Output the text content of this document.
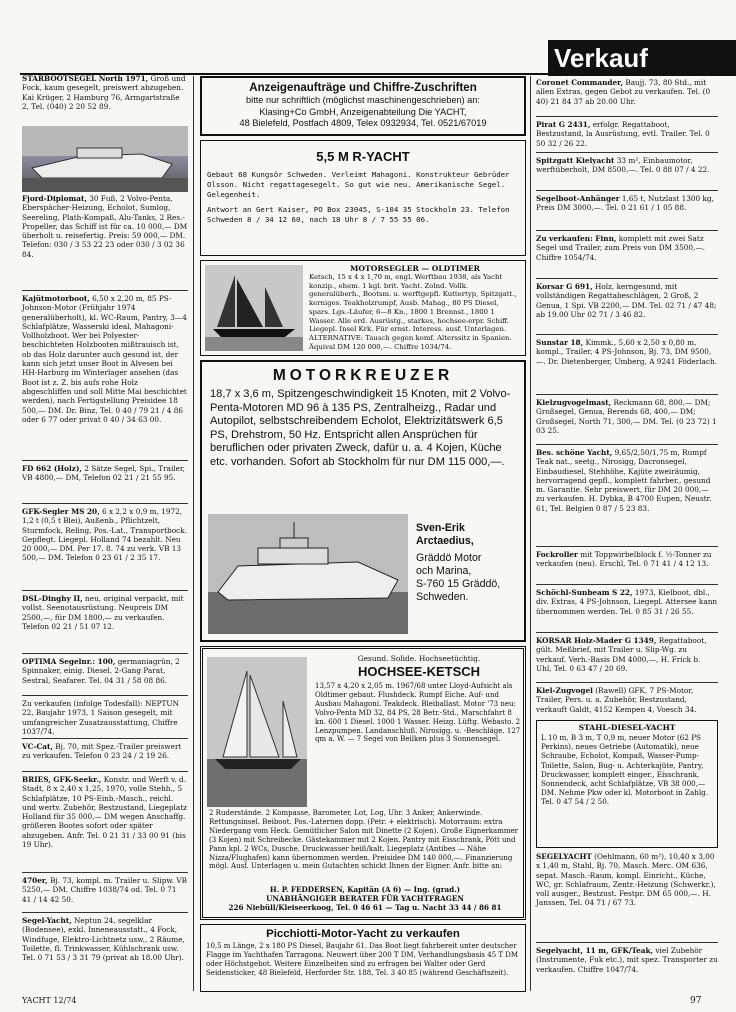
Verkauf
STARBOOTSEGEL North 1971, Groß und Fock, kaum gesegelt, preiswert abzugeben. Kai Krüger, 2 Hamburg 76, Armgartstraße 2, Tel. (040) 2 20 52 89.
Fjord-Diplomat, 30 Fuß, 2 Volvo-Penta, Eberspächer-Heizung, Echolot, Sumlog, Seereling, Plath-Kompaß, Alu-Tanks, 2 Res.-Propeller, das Schiff ist für ca. 10 000,— DM überholt u. reisefertig. Preis: 59 000,— DM. Telefon: 030 / 3 53 22 23 oder 030 / 3 02 36 84.
Kajütmotorboot, 6,50 x 2,20 m, 85 PS-Johnson-Motor (Frühjahr 1974 generalüberholt), kl. WC-Raum, Pantry, 3—4 Schlafplätze, Wasserski ideal, Mahagoni-Vollholzboot. Wer bei Polyester-beschichteten Holzbooten mißtrauisch ist, ob das Holz darunter auch gesund ist, der kann sich jetzt unser Boot in Alvesen bei HH-Harburg im Winterlager ansehen (das Boot ist z. Z. bis aufs rohe Holz abgeschliffen und soll Mitte Mai beschichtet werden), nach Fertigstellung Preisidee 18 500,— DM. Dr. Binz, Tel. 0 40 / 79 21 / 4 86 oder 6 77 oder privat 0 40 / 34 63 00.
FD 662 (Holz), 2 Sätze Segel, Spi., Trailer, VB 4800,— DM, Telefon 02 21 / 21 55 95.
GFK-Segler MS 20, 6 x 2,2 x 0,9 m, 1972, 1,2 t (0,5 t Blei), Außenb., Pflichtzelt, Sturmfock, Reling, Pos.-Lat., Transportbock. Gepflegt. Liegepl. Holland 74 bezahlt. Neu 20 000,— DM. Per 17. 8. 74 zu verk. VB 13 500,— DM. Telefon 0 23 61 / 2 35 17.
DSL-Dinghy II, neu, original verpackt, mit vollst. Seenotausrüstung. Neupreis DM 2500,—, für DM 1800,— zu verkaufen. Telefon 02 21 / 51 07 12.
OPTIMA Segelnr.: 100, germaniagrün, 2 Spinnaker, einig. Diesel, 2-Gang Parat, Sestral, Seafarer. Tel. 04 31 / 58 08 86.
Zu verkaufen (infolge Todesfall): NEPTUN 22, Baujahr 1973, 1 Saison gesegelt, mit umfangreicher Zusatzausstattung, Chiffre 1037/74.
VC-Cat, Bj. 70, mit Spez.-Trailer preiswert zu verkaufen. Telefon 0 23 24 / 2 19 26.
BRIES, GFK-Seekr., Konstr. und Werft v. d. Stadt, 8 x 2,40 x 1,25, 1970, volle Stehh., 5 Schlafplätze, 10 PS-Einb.-Masch., reichl. und wertv. Zubehör, Bestzustand, Liegeplatz Holland für 35 000,— DM wegen Anschaffg. größeren Bootes sofort oder später abzugeben. Anfr. Tel. 0 21 31 / 33 00 91 (bis 19 Uhr).
470er, Bj. 73, kompl. m. Trailer u. Slipw. VB 5250,— DM. Chiffre 1038/74 od. Tel. 0 71 41 / 14 42 50.
Segel-Yacht, Neptun 24, segelklar (Bodensee), exkl. Inneneausstatt., 4 Fock, Windfuge, Elektro-Lichtnetz usw., 2 Räume, Toilette, fl. Trinkwasser, Kühlschrank usw. Tel. 0 71 53 / 3 31 79 (privat ab 18.00 Uhr).
Anzeigenaufträge und Chiffre-Zuschriften
bitte nur schriftlich (möglichst maschinengeschrieben) an:
Klasing+Co GmbH, Anzeigenabteilung Die YACHT,
48 Bielefeld, Postfach 4809, Telex 0932934, Tel. 0521/67019
5,5 M R-YACHT
Gebaut 68 Kungsör Schweden. Verleimt Mahagoni. Konstrukteur Gebrüder Olsson. Nicht regattagesegelt. So gut wie neu. Amerikanische Segel. Gelegenheit.
Antwort an Gert Kaiser, PO Box 23045, S-104 35 Stockholm 23. Telefon Schweden 8 / 34 12 60, nach 18 Uhr 8 / 7 55 55 06.
MOTORSEGLER — OLDTIMER
Ketsch, 15 x 4 x 1,70 m, engl. Werftbau 1938, als Yacht konzip., ehem. 1 kgl. brit. Yacht. Zolnd. Vollk. generalüberh., Bootsm. u. werftgepfl. Kuttertyp, Spitzgatt., kerniges. Teakholzrumpf, Ausb. Mahag., 80 PS Diesel, spars. Lgs.-Läufer, 6—8 Kn., 1800 1 Brennst., 1800 1 Wasser. Alle erd. Ausrüstg., starkes, hochsee-erpr. Schiff. Liegepl. Insel Krk. Für ernst. Interess. ausf. Unterlagen.
ALTERNATIVE: Tausch gegen komf. Alterssitz in Spanien. Äquival DM 120 000,—. Chiffre 1034/74.
MOTORKREUZER
18,7 x 3,6 m, Spitzengeschwindigkeit 15 Knoten, mit 2 Volvo-Penta-Motoren MD 96 à 135 PS, Zentralheizg., Radar und Autopilot, selbstschreibendem Echolot, Elektrizitätswerk 6,5 PS, Drehstrom, 50 Hz. Entspricht allen Ansprüchen für beruflichen oder privaten Zweck, dafür u. a. 4 Kojen, Küche etc. vorhanden. Sofort ab Stockholm für nur DM 115 000,—.
Sven-Erik
Arctaedius,
Gräddö Motor
och Marina,
S-760 15 Gräddö,
Schweden.
Gesund. Solide. Hochseetüchtig.
HOCHSEE-KETSCH
13,57 x 4,20 x 2,05 m. 1967/68 unter Lloyd-Aufsicht als Oldtimer gebaut. Flushdeck. Rumpf Eiche. Auf- und Ausbau Mahagoni. Teakdeck. Bleiballast. Motor '73 neu: Volvo-Penta MD 32, 84 PS, 28 Betr.-Std., Marschfahrt 8 kn. 600 1 Diesel. 1000 1 Wasser. Heizg. Lüftg. Webasto. 2 Lenzpumpen. Landanschluß. Nirosigg. u. -Beschläge. 127 qm a. W. — 7 Segel von Beilken plus 3 Sonnensegel.
2 Ruderstände. 2 Kompasse, Barometer, Lot, Log, Uhr. 3 Anker, Ankerwinde. Rettungsinsel. Beiboot. Pos.-Laternen dopp. (Petr. + elektrisch). Motorraum: extra Niedergang vom Heck. Gemütlicher Salon mit Dinette (2 Kojen). Große Eignerkammer (3 Kojen) mit Schreibecke. Gästekammer mit 2 Kojen. Pantry mit Eisschrank, Pött und Pann kpl. 2 WCs, Dusche. Druckwasser heiß/kalt. Liegeplatz (Antibes — Nähe Nizza/Flughafen) kann übernommen werden. Preisidee DM 140 000,—. Finanzierung mögl. Ausf. Unterlagen u. mein Gutachten schickt Ihnen der Eigner. Anfr. bitte an:
H. P. FEDDERSEN, Kapitän (A 6) — Ing. (grad.)
UNABHÄNGIGER BERATER FÜR YACHTFRAGEN
226 Niebüll/Kleiseerkoog, Tel. 0 46 61 — Tag u. Nacht 33 44 / 86 81
Picchiotti-Motor-Yacht zu verkaufen
10,5 m Länge, 2 x 180 PS Diesel, Baujahr 61. Das Boot liegt fahrbereit unter deutscher Flagge im Yachthafen Tarragona. Neuwert über 200 T DM, Verhandlungsbasis 45 T DM oder Höchstgebot. Weitere Einzelheiten sind zu erfragen bei Walter oder Gerd Seidensticker, 48 Bielefeld, Herforder Str. 188, Tel. 3 40 85 (während Geschäftszeit).
Coronet Commander, Baujj. 73, 80 Std., mit allen Extras, gegen Gebot zu verkaufen. Tel. (0 40) 21 84 37 ab 20.00 Uhr.
Pirat G 2431, erfolgr. Regattaboot, Bestzustand, la Ausrüstung, evtl. Trailer. Tel. 0 50 32 / 26 22.
Spitzgatt Kielyacht 33 m², Einbaumotor, werftüberholt, DM 8500,—. Tel. 0 88 07 / 4 22.
Segelboot-Anhänger 1,65 t, Nutzlast 1300 kg, Preis DM 3000,—. Tel. 0 21 61 / 1 05 88.
Zu verkaufen: Finn, komplett mit zwei Satz Segel und Trailer, zum Preis von DM 3500,—. Chiffre 1054/74.
Korsar G 691, Holz, kerngesund, mit vollständigen Regattabeschlägen, 2 Groß, 2 Genua, 1 Spi. VB 2200,— DM. Tel. 02 71 / 47 48; ab 19.00 Uhr 02 71 / 3 46 82.
Sunstar 18, Kimmk., 5,60 x 2,50 x 0,80 m, kompl., Trailer, 4 PS-Johnson, Bj. 73, DM 9500,—. Dr. Dietenberger, Umberg, A 9241 Föderlach.
Kielzugvogelmast, Reckmann 68, 800,— DM; Großsegel, Genua, Berends 68, 400,— DM; Großsegel, North 71, 300,— DM. Tel. (0 23 72) 1 03 25.
Bes. schöne Yacht, 9,65/2,50/1,75 m, Rumpf Teak nat., seetg., Nirosigg, Dacronsegel, Einbaudiesel, Stehhöhe, Kajüte zweiräumig, hervorragend gepfl., komplett fahrber., gesund m. Garantie. Sehr preiswert, für DM 20 000,— zu verkaufen. H. Dybka, B 4700 Eupen, Neustr. 61, Tel. Belgien 0 87 / 5 23 83.
Fockroller mit Toppwirbelblock f. ½-Tonner zu verkaufen (neu). Erschl, Tel. 0 71 41 / 4 12 13.
Schöchl-Sunbeam S 22, 1973, Kielboot, dbl., div. Extras, 4 PS-Johnson, Liegepl. Attersee kann übernommen werden. Tel. 0 85 31 / 26 55.
KORSAR Holz-Mader G 1349, Regattaboot, gült. Meßbrief, mit Trailer u. Slip-Wg. zu verkauf. Verh.-Basis DM 4000,—, H. Frick b. Uhl, Tel. 0 63 47 / 20 69.
Kiel-Zugvogel (Rawell) GFK, 7 PS-Motor, Trailer, Pers. u. a. Zubehör, Bestzustand, verkauft Galdt, 4152 Kempen 4, Voesch 34.
STAHL-DIESEL-YACHT
L 10 m, B 3 m, T 0,9 m, neuer Motor (62 PS Perkins), neues Getriebe (Automatik), neue Schraube, Echolot, Kompaß, Wasser-Pump-Toilette, Salon, Bug- u. Achterkajüte, Pantry, Druckwasser, komplett einger., Eisschrank, Sonnendeck, acht Schlafplätze, VB 38 000,— DM. Nehme Pkw oder kl. Motorboot in Zahlg. Tel. 0 47 54 / 2 50.
SEGELYACHT (Oehlmann, 60 m²), 10,40 x 3,00 x 1,40 m, Stahl, Bj. 70, Masch. Merc. OM 636, sepat. Masch.-Raum, kompl. Einricht., Küche, WC, gr. Schlafraum, Zentr.-Heizung (Schwerkr.), voll ausger., Bestzust. Festpr. DM 65 000,—. H. Janssen, Tel. 04 71 / 67 73.
Segelyacht, 11 m, GFK/Teak, viel Zubehör (Instrumente, Fuk etc.), mit spez. Transporter zu verkaufen. Chiffre 1047/74.
YACHT 12/74	97
